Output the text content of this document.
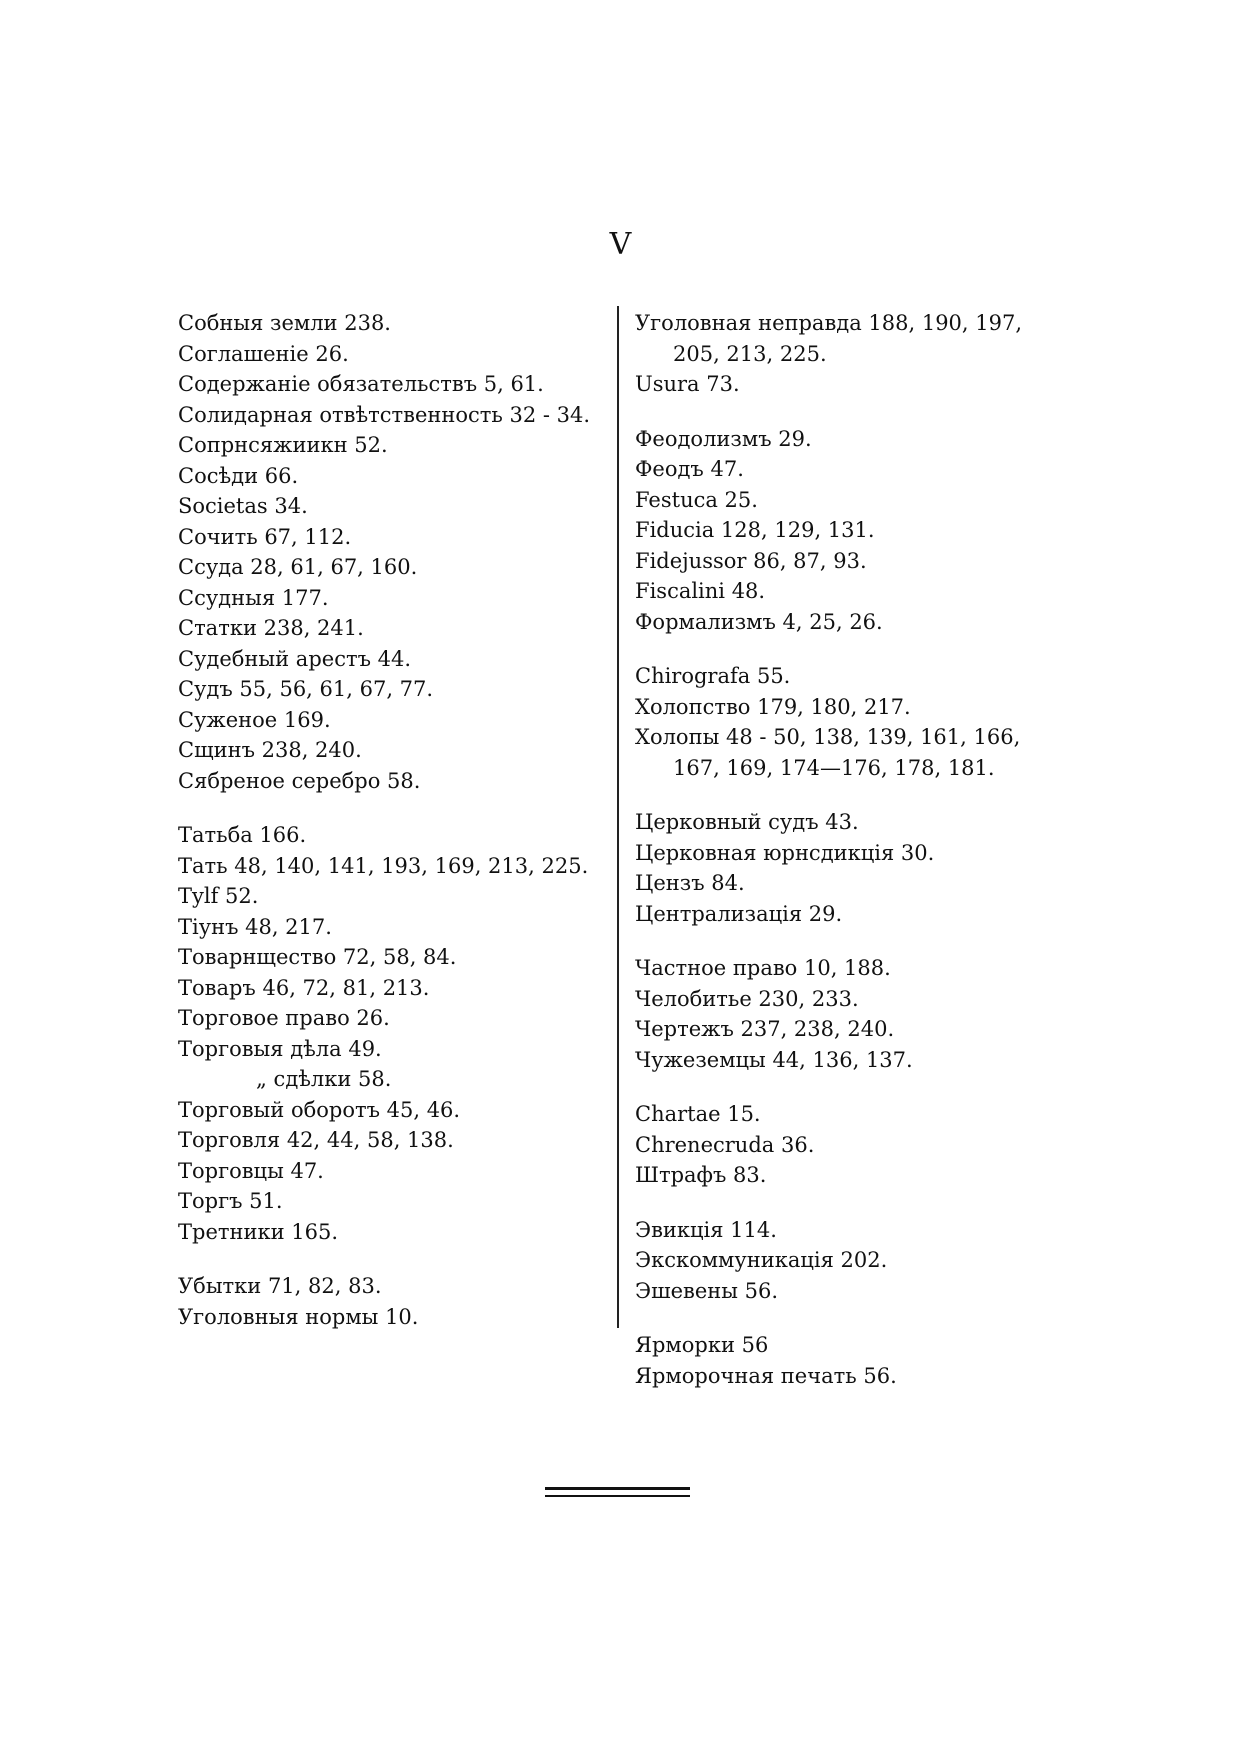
V
Собныя земли 238.
Соглашенiе 26.
Содержанiе обязательствъ 5, 61.
Солидарная отвѣтственность 32 - 34.
Сопрнсяжиикн 52.
Сосѣди 66.
Societas 34.
Сочить 67, 112.
Ссуда 28, 61, 67, 160.
Ссудныя 177.
Статки 238, 241.
Судебный арестъ 44.
Судъ 55, 56, 61, 67, 77.
Суженое 169.
Сщинъ 238, 240.
Сябреное серебро 58.
Татьба 166.
Тать 48, 140, 141, 193, 169, 213, 225.
Tylf 52.
Тiунъ 48, 217.
Товарнщество 72, 58, 84.
Товаръ 46, 72, 81, 213.
Торговое право 26.
Торговыя дѣла 49.
„ сдѣлки 58.
Торговый оборотъ 45, 46.
Торговля 42, 44, 58, 138.
Торговцы 47.
Торгъ 51.
Третники 165.
Убытки 71, 82, 83.
Уголовныя нормы 10.
Уголовная неправда 188, 190, 197,
205, 213, 225.
Usura 73.
Феодолизмъ 29.
Феодъ 47.
Festuca 25.
Fiducia 128, 129, 131.
Fidejussor 86, 87, 93.
Fiscalini 48.
Формализмъ 4, 25, 26.
Chirografa 55.
Холопство 179, 180, 217.
Холопы 48 - 50, 138, 139, 161, 166,
167, 169, 174—176, 178, 181.
Церковный судъ 43.
Церковная юрнсдикцiя 30.
Цензъ 84.
Централизацiя 29.
Частное право 10, 188.
Челобитье 230, 233.
Чертежъ 237, 238, 240.
Чужеземцы 44, 136, 137.
Chartae 15.
Chrenecruda 36.
Штрафъ 83.
Эвикцiя 114.
Экскоммуникацiя 202.
Эшевены 56.
Ярморки 56
Ярморочная печать 56.
